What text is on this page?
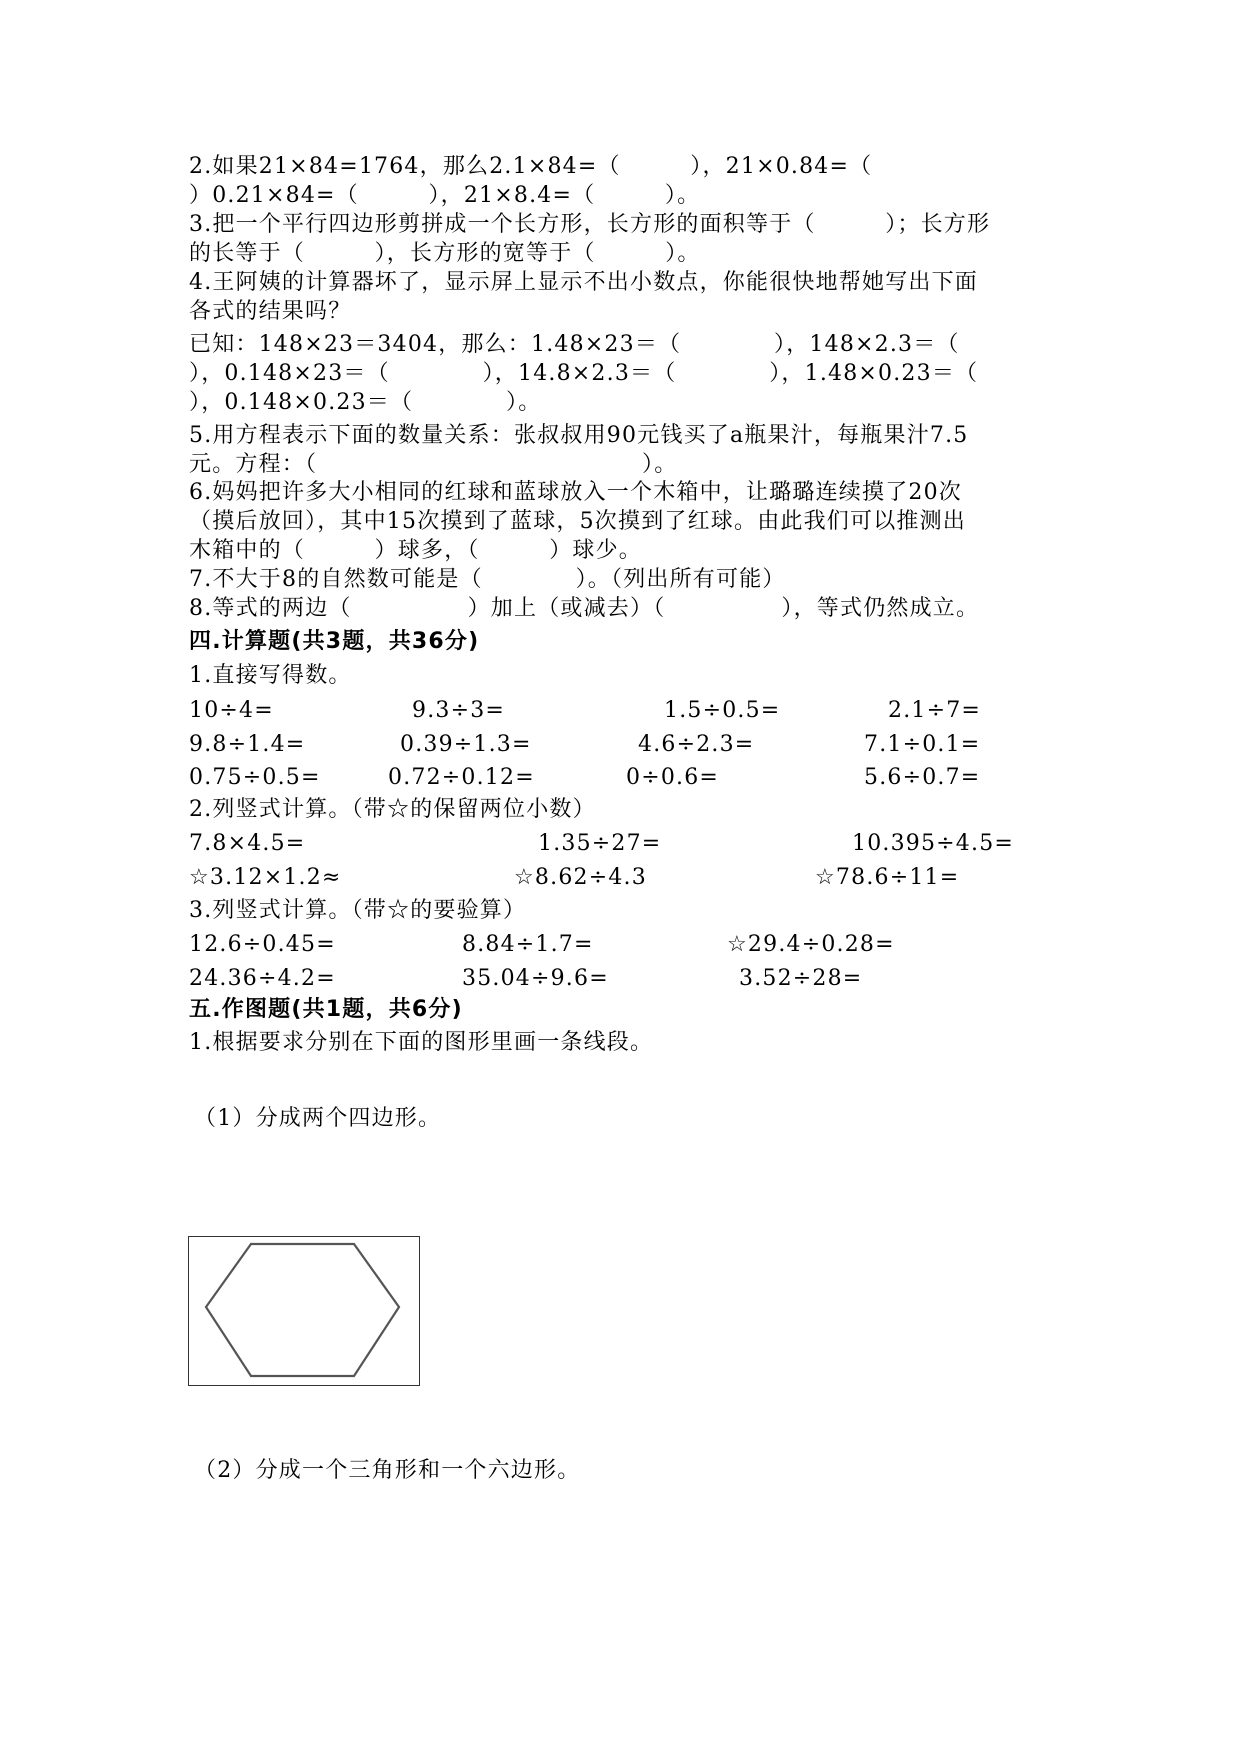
2.如果21×84=1764，那么2.1×84=（　　　），21×0.84=（
）0.21×84=（　　　），21×8.4=（　　　）。
3.把一个平行四边形剪拼成一个长方形，长方形的面积等于（　　　）；长方形
的长等于（　　　），长方形的宽等于（　　　）。
4.王阿姨的计算器坏了，显示屏上显示不出小数点，你能很快地帮她写出下面
各式的结果吗？
已知：148×23＝3404，那么：1.48×23＝（　　　　），148×2.3＝（
），0.148×23＝（　　　　），14.8×2.3＝（　　　　），1.48×0.23＝（
），0.148×0.23＝（　　　　）。
5.用方程表示下面的数量关系：张叔叔用90元钱买了a瓶果汁，每瓶果汁7.5
元。方程：（　　　　　　　　　　　　　　）。
6.妈妈把许多大小相同的红球和蓝球放入一个木箱中，让璐璐连续摸了20次
（摸后放回），其中15次摸到了蓝球，5次摸到了红球。由此我们可以推测出
木箱中的（　　　）球多，（　　　）球少。
7.不大于8的自然数可能是（　　　　）。（列出所有可能）
8.等式的两边（　　　　　）加上（或减去）（　　　　　），等式仍然成立。
四.计算题(共3题，共36分)
1.直接写得数。
10÷4=	9.3÷3=	1.5÷0.5=	2.1÷7=
9.8÷1.4=	0.39÷1.3=	4.6÷2.3=	7.1÷0.1=
0.75÷0.5=	0.72÷0.12=	0÷0.6=	5.6÷0.7=
2.列竖式计算。（带☆的保留两位小数）
7.8×4.5=	1.35÷27=	10.395÷4.5=
☆3.12×1.2≈	☆8.62÷4.3	☆78.6÷11=
3.列竖式计算。（带☆的要验算）
12.6÷0.45=	8.84÷1.7=	☆29.4÷0.28=
24.36÷4.2=	35.04÷9.6=	3.52÷28=
五.作图题(共1题，共6分)
1.根据要求分别在下面的图形里画一条线段。
（1）分成两个四边形。
（2）分成一个三角形和一个六边形。
